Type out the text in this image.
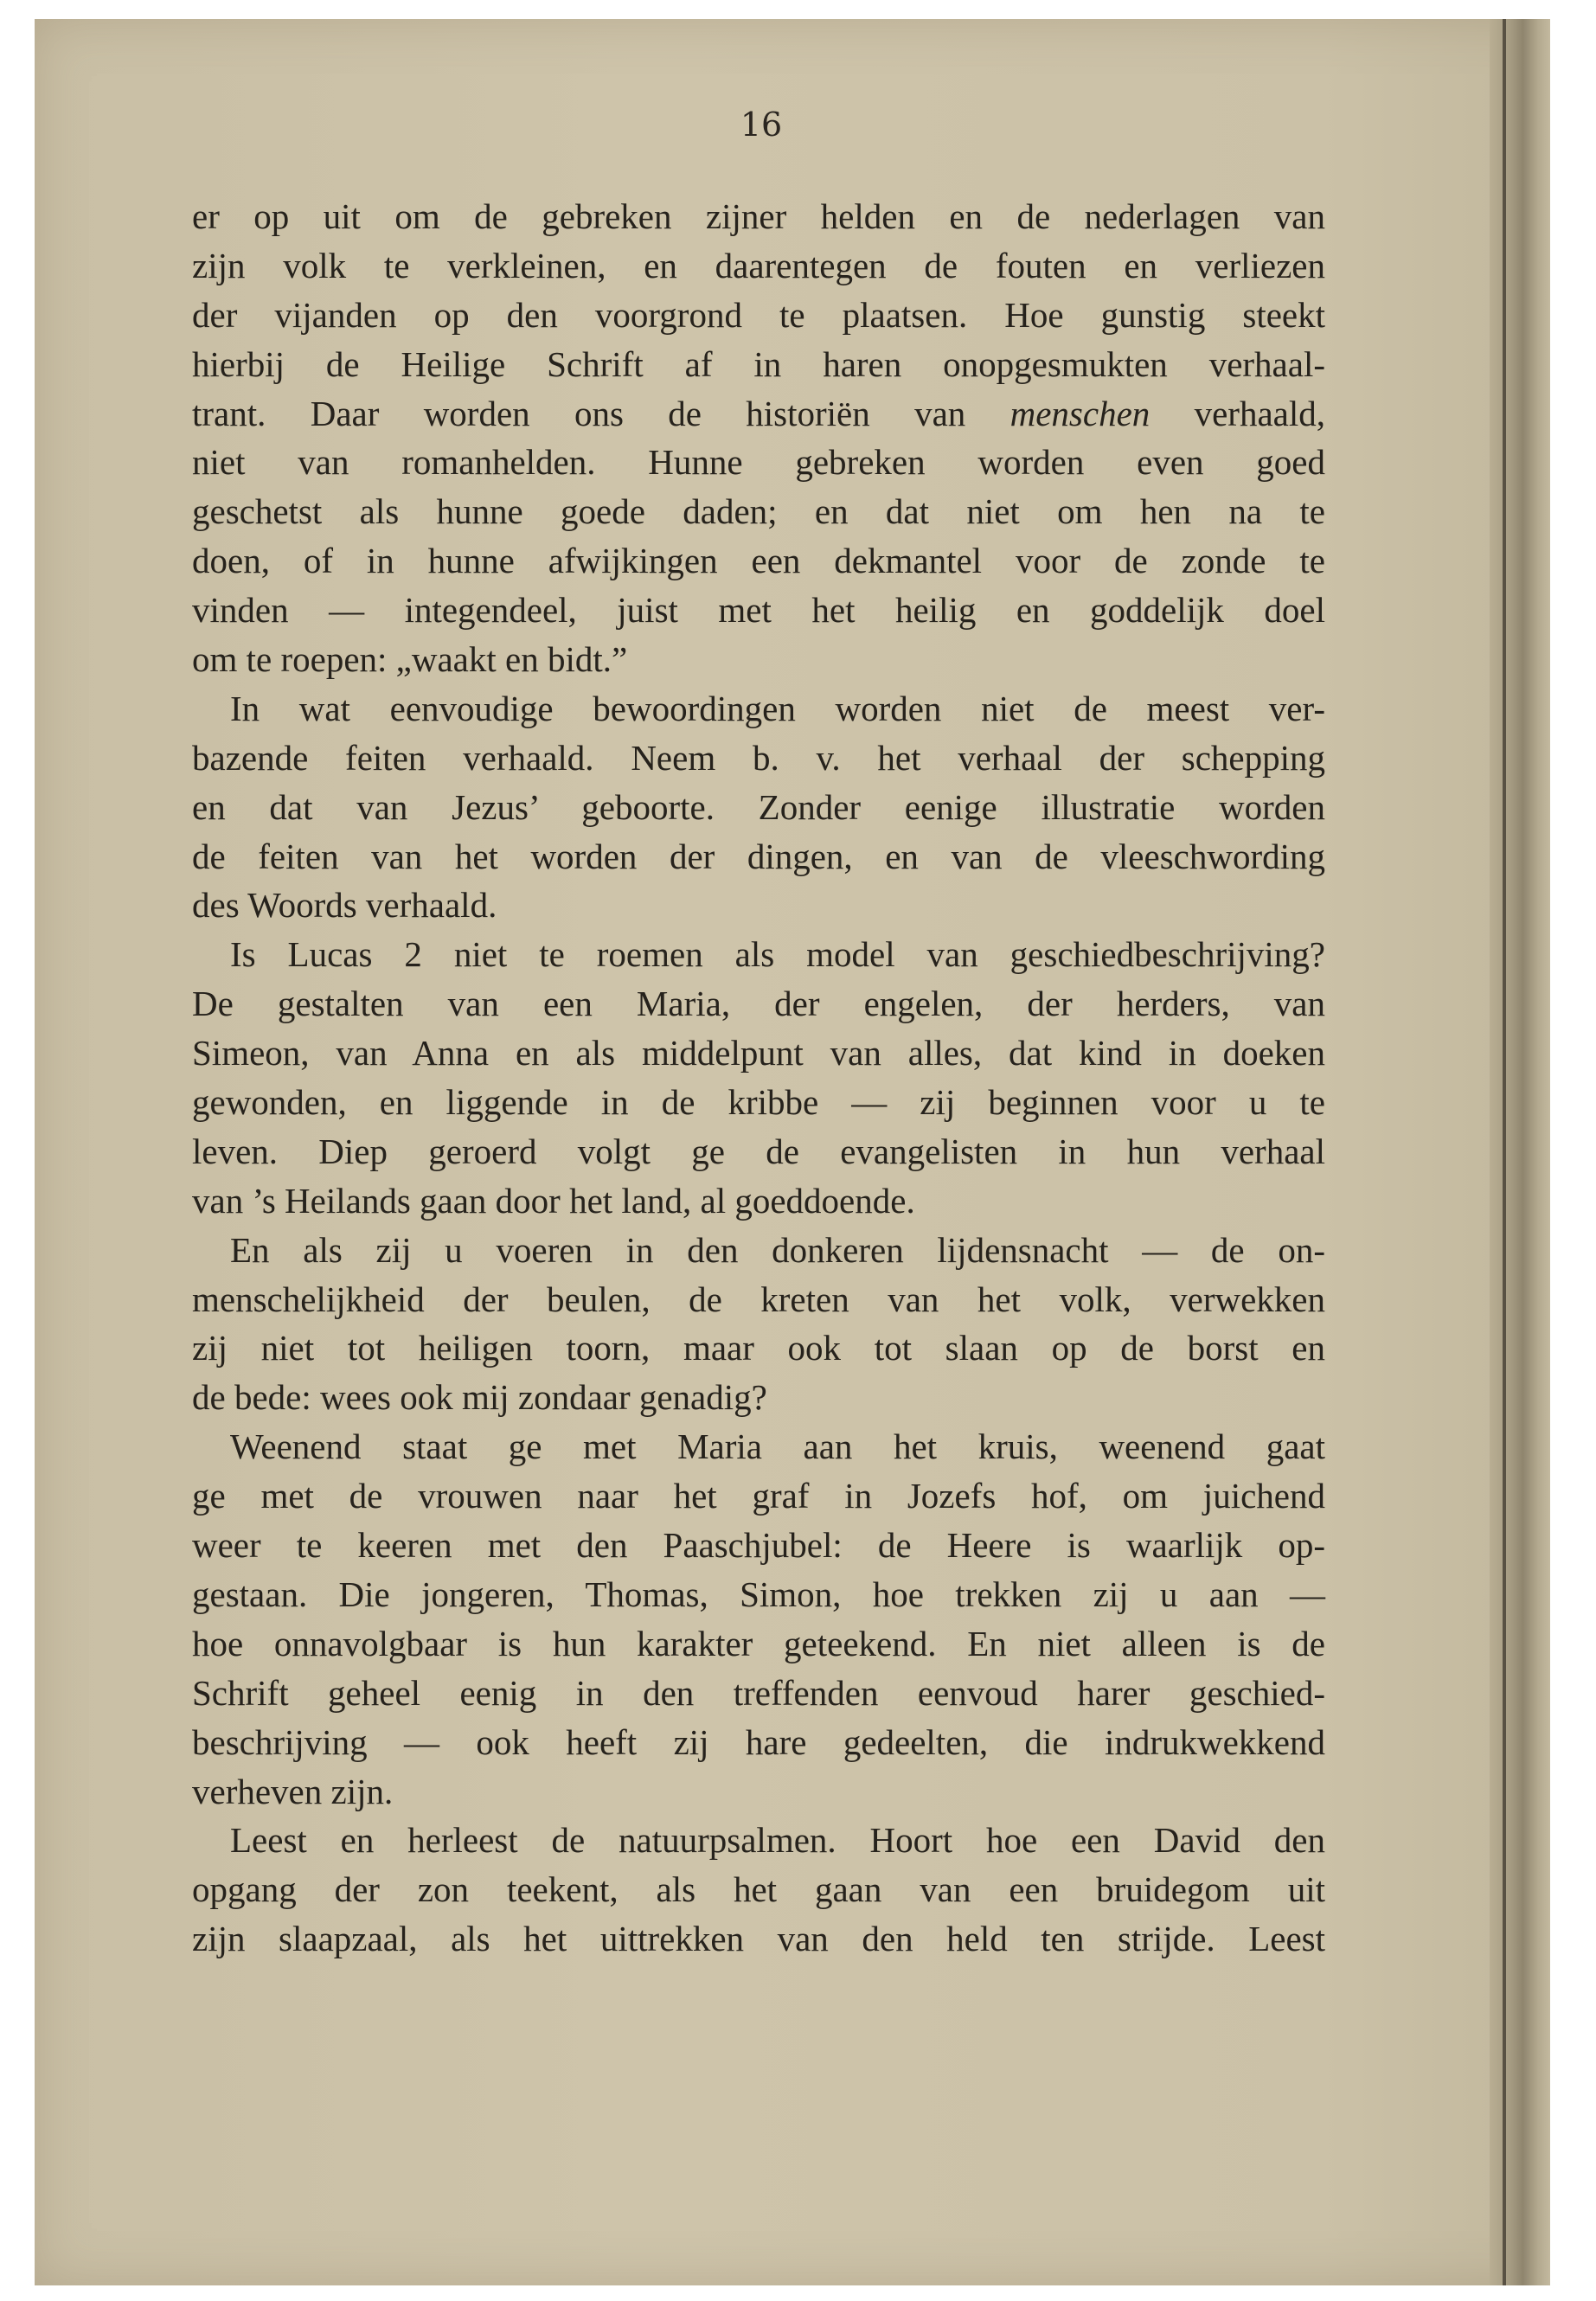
16
er op uit om de gebreken zijner helden en de nederlagen van
zijn volk te verkleinen, en daarentegen de fouten en verliezen
der vijanden op den voorgrond te plaatsen. Hoe gunstig steekt
hierbij de Heilige Schrift af in haren onopgesmukten verhaal-
trant. Daar worden ons de historiën van menschen verhaald,
niet van romanhelden. Hunne gebreken worden even goed
geschetst als hunne goede daden; en dat niet om hen na te
doen, of in hunne afwijkingen een dekmantel voor de zonde te
vinden — integendeel, juist met het heilig en goddelijk doel
om te roepen: „waakt en bidt.”
In wat eenvoudige bewoordingen worden niet de meest ver-
bazende feiten verhaald. Neem b. v. het verhaal der schepping
en dat van Jezus’ geboorte. Zonder eenige illustratie worden
de feiten van het worden der dingen, en van de vleeschwording
des Woords verhaald.
Is Lucas 2 niet te roemen als model van geschiedbeschrijving?
De gestalten van een Maria, der engelen, der herders, van
Simeon, van Anna en als middelpunt van alles, dat kind in doeken
gewonden, en liggende in de kribbe — zij beginnen voor u te
leven. Diep geroerd volgt ge de evangelisten in hun verhaal
van ’s Heilands gaan door het land, al goeddoende.
En als zij u voeren in den donkeren lijdensnacht — de on-
menschelijkheid der beulen, de kreten van het volk, verwekken
zij niet tot heiligen toorn, maar ook tot slaan op de borst en
de bede: wees ook mij zondaar genadig?
Weenend staat ge met Maria aan het kruis, weenend gaat
ge met de vrouwen naar het graf in Jozefs hof, om juichend
weer te keeren met den Paaschjubel: de Heere is waarlijk op-
gestaan. Die jongeren, Thomas, Simon, hoe trekken zij u aan —
hoe onnavolgbaar is hun karakter geteekend. En niet alleen is de
Schrift geheel eenig in den treffenden eenvoud harer geschied-
beschrijving — ook heeft zij hare gedeelten, die indrukwekkend
verheven zijn.
Leest en herleest de natuurpsalmen. Hoort hoe een David den
opgang der zon teekent, als het gaan van een bruidegom uit
zijn slaapzaal, als het uittrekken van den held ten strijde. Leest
